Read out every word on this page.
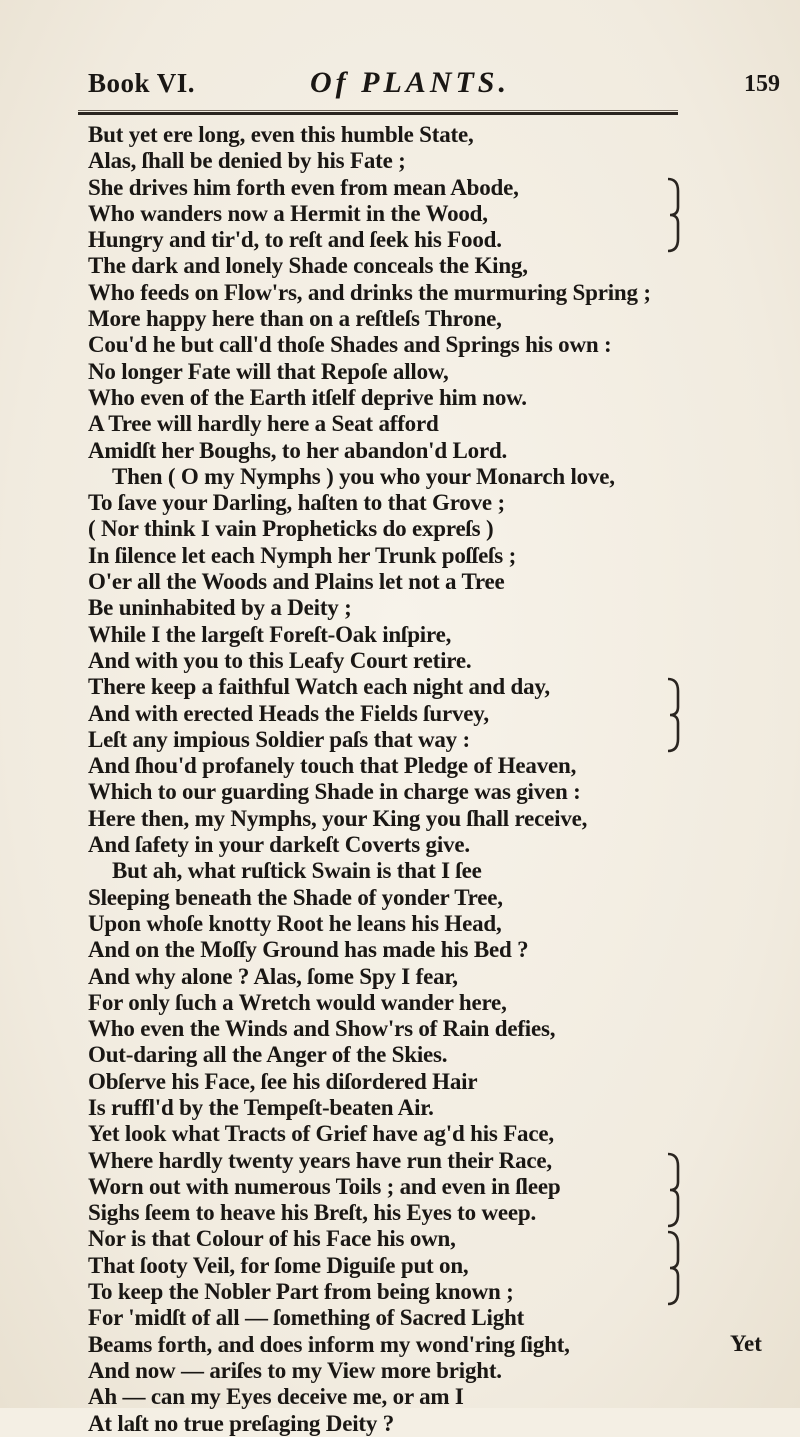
Book VI.	Of PLANTS.	159
But yet ere long, even this humble State,
Alas, ſhall be denied by his Fate ;
She drives him forth even from mean Abode,
Who wanders now a Hermit in the Wood,
Hungry and tir'd, to reſt and ſeek his Food.
The dark and lonely Shade conceals the King,
Who feeds on Flow'rs, and drinks the murmuring Spring ;
More happy here than on a reſtleſs Throne,
Cou'd he but call'd thoſe Shades and Springs his own :
No longer Fate will that Repoſe allow,
Who even of the Earth itſelf deprive him now.
A Tree will hardly here a Seat afford
Amidſt her Boughs, to her abandon'd Lord.
Then ( O my Nymphs ) you who your Monarch love,
To ſave your Darling, haſten to that Grove ;
( Nor think I vain Propheticks do expreſs )
In ſilence let each Nymph her Trunk poſſeſs ;
O'er all the Woods and Plains let not a Tree
Be uninhabited by a Deity ;
While I the largeſt Foreſt-Oak inſpire,
And with you to this Leafy Court retire.
There keep a faithful Watch each night and day,
And with erected Heads the Fields ſurvey,
Leſt any impious Soldier paſs that way :
And ſhou'd profanely touch that Pledge of Heaven,
Which to our guarding Shade in charge was given :
Here then, my Nymphs, your King you ſhall receive,
And ſafety in your darkeſt Coverts give.
But ah, what ruſtick Swain is that I ſee
Sleeping beneath the Shade of yonder Tree,
Upon whoſe knotty Root he leans his Head,
And on the Moſſy Ground has made his Bed ?
And why alone ? Alas, ſome Spy I fear,
For only ſuch a Wretch would wander here,
Who even the Winds and Show'rs of Rain defies,
Out-daring all the Anger of the Skies.
Obſerve his Face, ſee his diſordered Hair
Is ruffl'd by the Tempeſt-beaten Air.
Yet look what Tracts of Grief have ag'd his Face,
Where hardly twenty years have run their Race,
Worn out with numerous Toils ; and even in ſleep
Sighs ſeem to heave his Breſt, his Eyes to weep.
Nor is that Colour of his Face his own,
That ſooty Veil, for ſome Diguiſe put on,
To keep the Nobler Part from being known ;
For 'midſt of all — ſomething of Sacred Light
Beams forth, and does inform my wond'ring ſight,
And now — ariſes to my View more bright.
Ah — can my Eyes deceive me, or am I
At laſt no true preſaging Deity ?
Yet
